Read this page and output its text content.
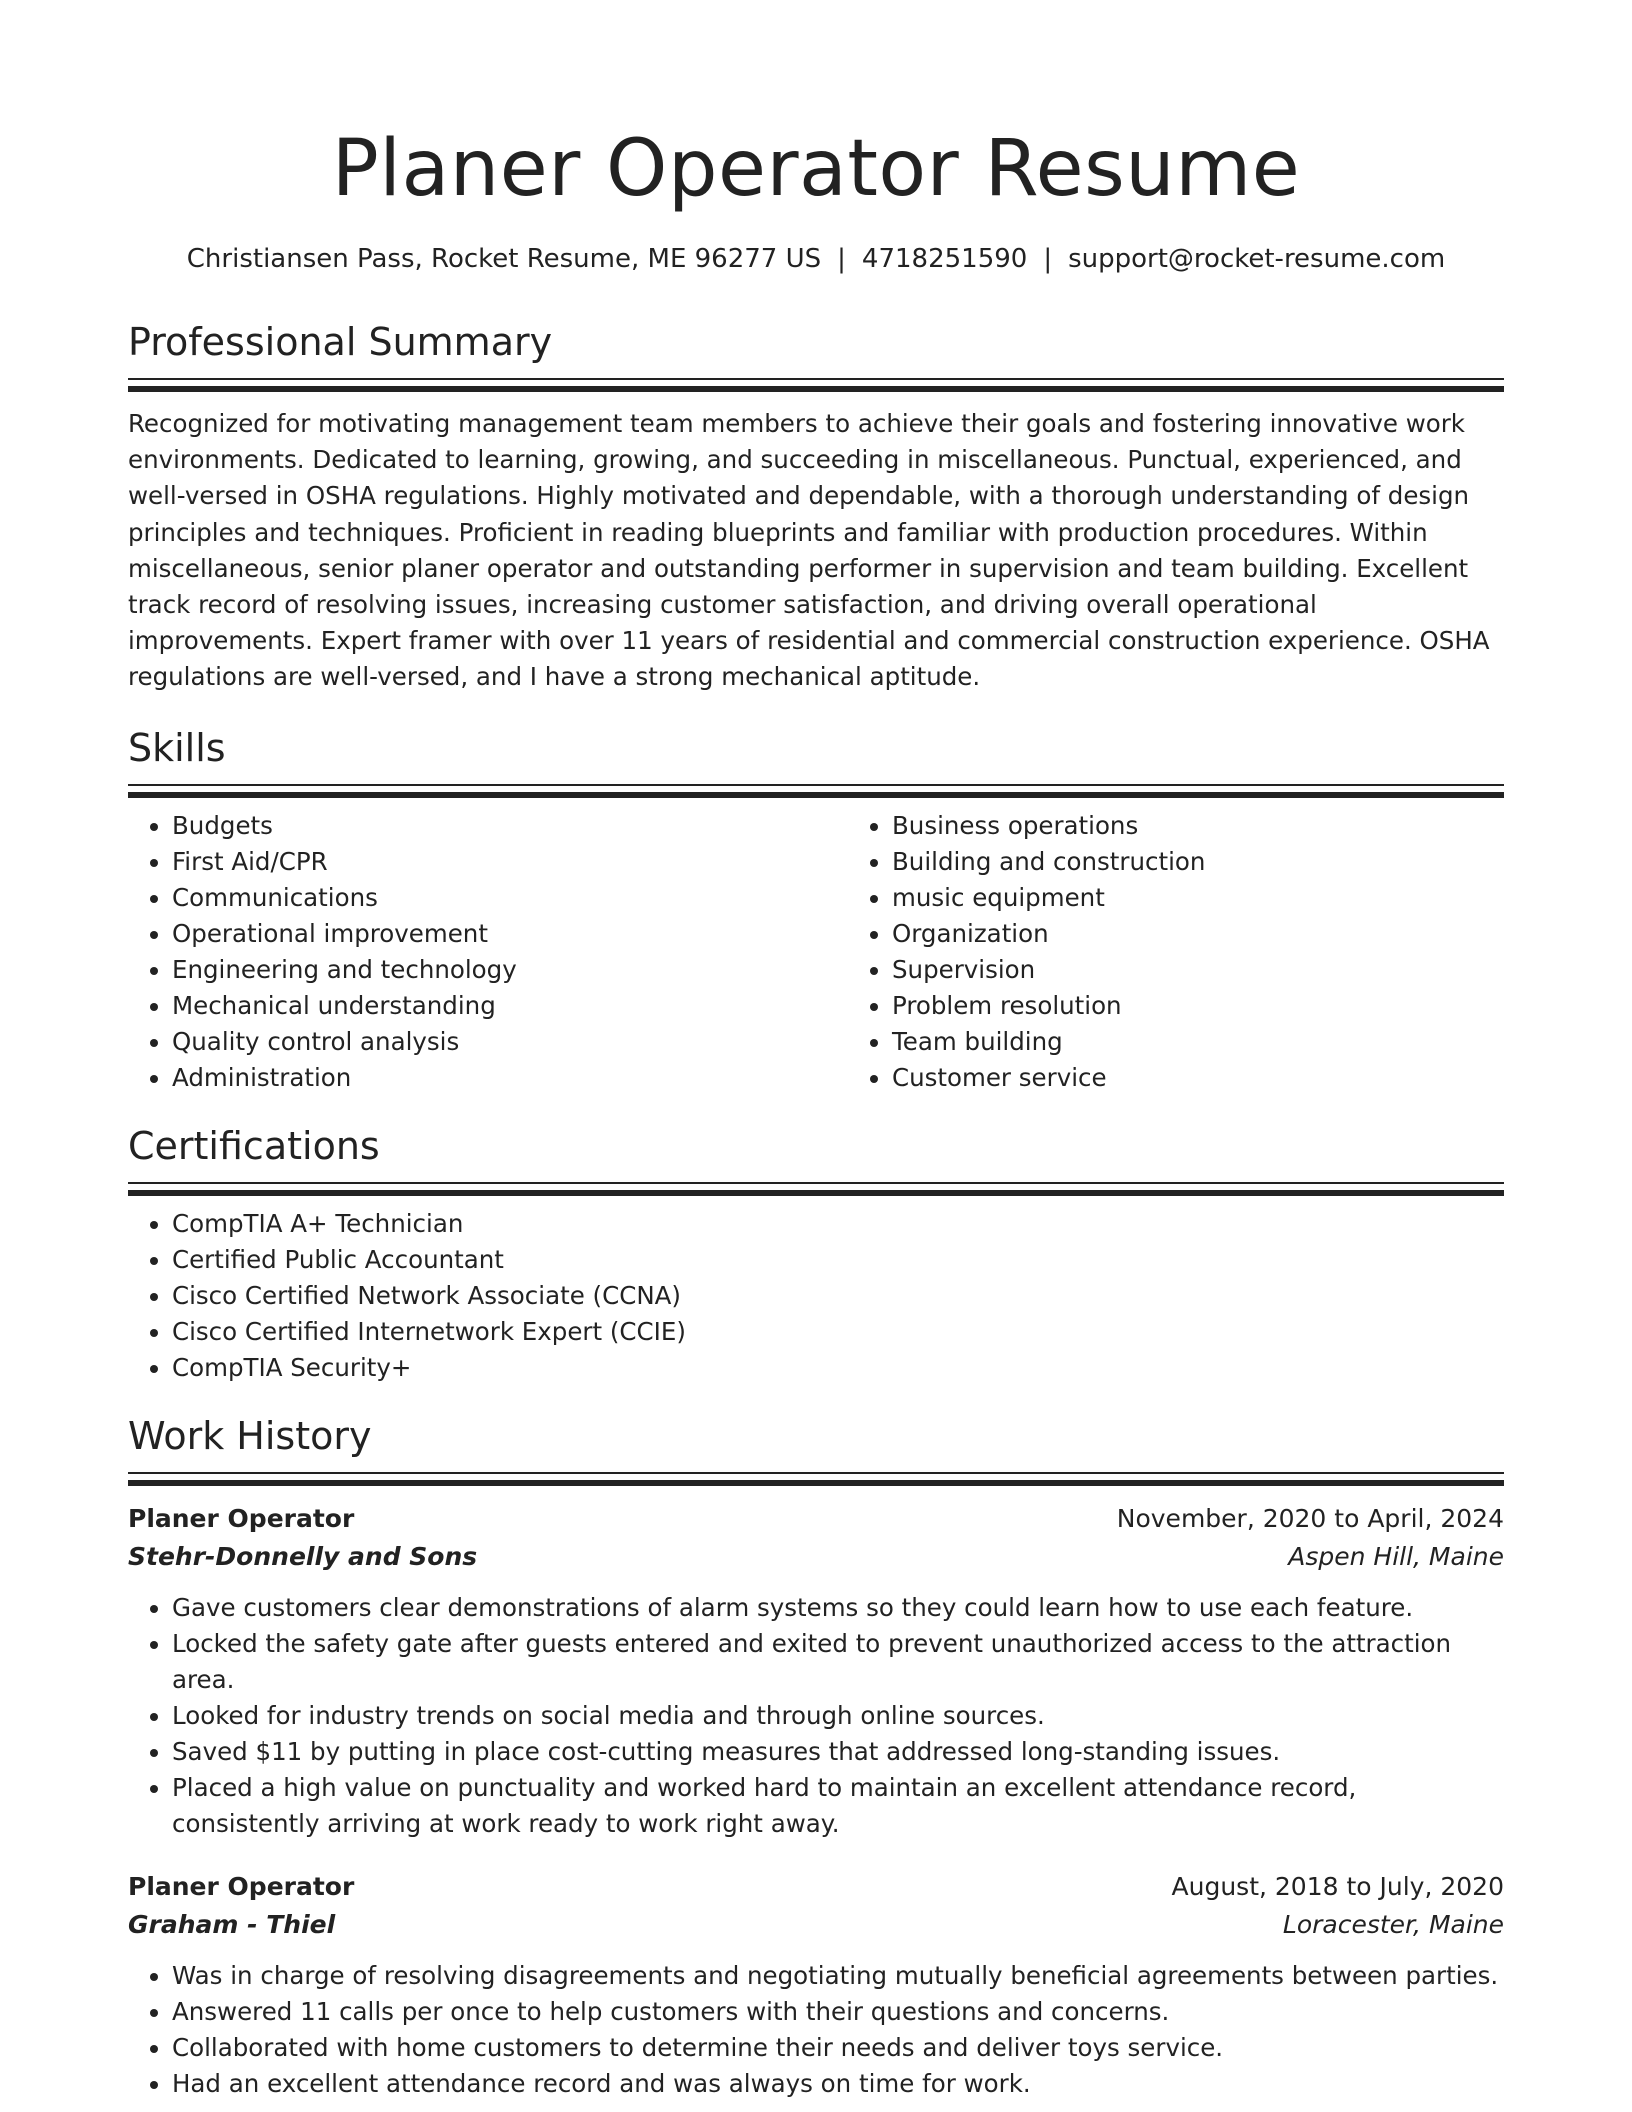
Planer Operator Resume
Christiansen Pass, Rocket Resume, ME 96277 US | 4718251590 | support@rocket-resume.com
Professional Summary

Recognized for motivating management team members to achieve their goals and fostering innovative work environments. Dedicated to learning, growing, and succeeding in miscellaneous. Punctual, experienced, and well-versed in OSHA regulations. Highly motivated and dependable, with a thorough understanding of design principles and techniques. Proficient in reading blueprints and familiar with production procedures. Within miscellaneous, senior planer operator and outstanding performer in supervision and team building. Excellent track record of resolving issues, increasing customer satisfaction, and driving overall operational improvements. Expert framer with over 11 years of residential and commercial construction experience. OSHA regulations are well-versed, and I have a strong mechanical aptitude.

Skills
• Budgets
• First Aid/CPR
• Communications
• Operational improvement
• Engineering and technology
• Mechanical understanding
• Quality control analysis
• Administration
• Business operations
• Building and construction
• music equipment
• Organization
• Supervision
• Problem resolution
• Team building
• Customer service
Certifications
• CompTIA A+ Technician
• Certified Public Accountant
• Cisco Certified Network Associate (CCNA)
• Cisco Certified Internetwork Expert (CCIE)
• CompTIA Security+
Work History
Planer Operator	November, 2020 to April, 2024
Stehr-Donnelly and Sons	Aspen Hill, Maine
• Gave customers clear demonstrations of alarm systems so they could learn how to use each feature.
• Locked the safety gate after guests entered and exited to prevent unauthorized access to the attraction area.
• Looked for industry trends on social media and through online sources.
• Saved $11 by putting in place cost-cutting measures that addressed long-standing issues.
• Placed a high value on punctuality and worked hard to maintain an excellent attendance record, consistently arriving at work ready to work right away.
Planer Operator	August, 2018 to July, 2020
Graham - Thiel	Loracester, Maine
• Was in charge of resolving disagreements and negotiating mutually beneficial agreements between parties.
• Answered 11 calls per once to help customers with their questions and concerns.
• Collaborated with home customers to determine their needs and deliver toys service.
• Had an excellent attendance record and was always on time for work.
